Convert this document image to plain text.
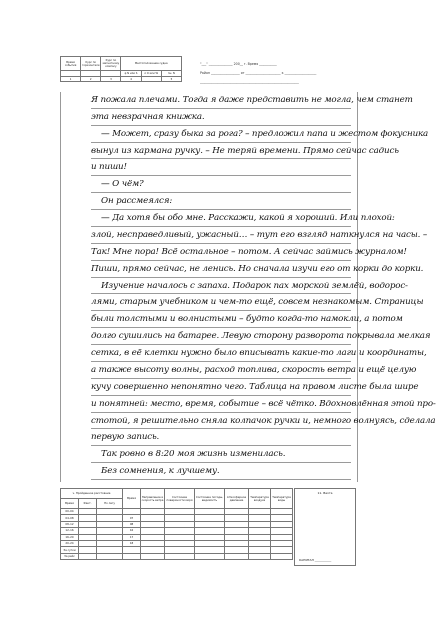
Время события	Курс по горизонтали	Курс по магнитному компасу	Местоположение судна		
			φ N или S	λ O или W	пн. N
1	2	3	4		5
"___" _______________ 200__ г. Время ___________
Район __________________ от ______________________ к ____________________
______________________________________________________________
Я пожала плечами. Тогда я даже представить не могла, чем станет
эта невзрачная книжка.
— Может, сразу быка за рога? – предложил папа и жестом фокусника
вынул из кармана ручку. – Не теряй времени. Прямо сейчас садись
и пиши!
— О чём?
Он рассмеялся:
— Да хотя бы обо мне. Расскажи, какой я хороший. Или плохой:
злой, несправедливый, ужасный… – тут его взгляд наткнулся на часы. –
Так! Мне пора! Всё остальное – потом. А сейчас займись журналом!
Пиши, прямо сейчас, не ленись. Но сначала изучи его от корки до корки.
Изучение началось с запаха. Подарок пах морской землёй, водорос-
лями, старым учебником и чем-то ещё, совсем незнакомым. Страницы
были толстыми и волнистыми – будто когда-то намокли, а потом
долго сушились на батарее. Левую сторону разворота покрывала мелкая
сетка, в её клетки нужно было вписывать какие-то лаги и координаты,
а также высоту волны, расход топлива, скорость ветра и ещё целую
кучу совершенно непонятно чего. Таблица на правом листе была шире
и понятней: место, время, событие – всё чётко. Вдохновлённая этой про-
стотой, я решительно сняла колпачок ручки и, немного волнуясь, сделала
первую запись.
Так ровно в 8:20 моя жизнь изменилась.
Без сомнения, к лучшему.
ч. Пройденное расстояние			Время	Направление и скорость ветра	Состояние поверхности моря	Состояние погоды, видимость	Атмосферное давление	Температура воздуха	Температура воды
Время	Факт.	По лагу							
00–04									
04–08			07						
08–12			08						
12–16			16						
16–20			17						
20–24			18						
За сутки									
За рейс									
11. Вахта
КАПИТАН ___________
